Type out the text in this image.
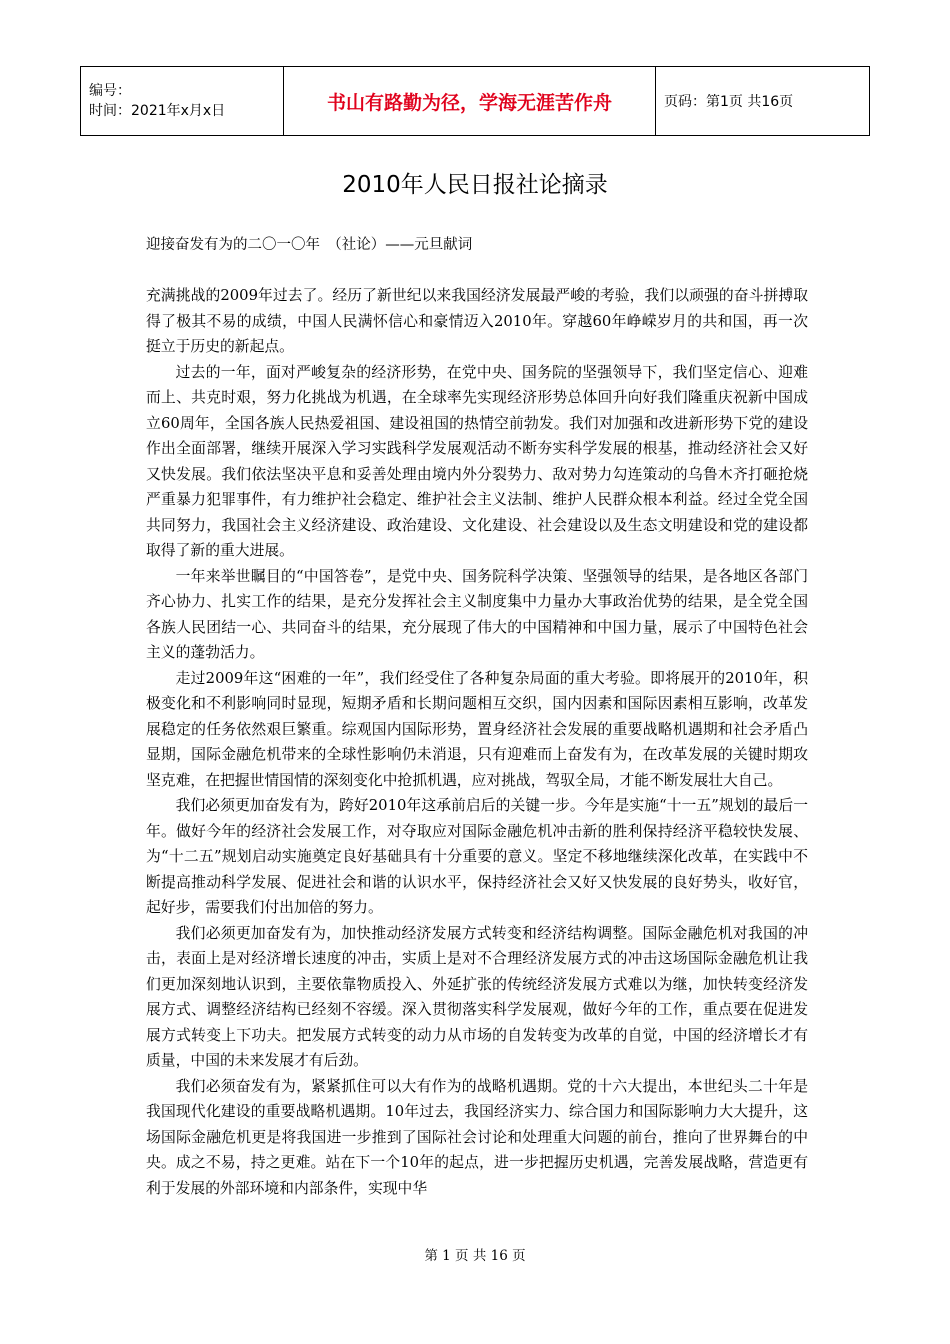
编号：
时间：2021年x月x日	书山有路勤为径，学海无涯苦作舟	页码：第1页 共16页
2010年人民日报社论摘录
迎接奋发有为的二〇一〇年　（社论）——元旦献词

充满挑战的2009年过去了。经历了新世纪以来我国经济发展最严峻的考验，我们以顽强的奋斗拼搏取得了极其不易的成绩，中国人民满怀信心和豪情迈入2010年。穿越60年峥嵘岁月的共和国，再一次挺立于历史的新起点。

过去的一年，面对严峻复杂的经济形势，在党中央、国务院的坚强领导下，我们坚定信心、迎难而上、共克时艰，努力化挑战为机遇，在全球率先实现经济形势总体回升向好我们隆重庆祝新中国成立60周年，全国各族人民热爱祖国、建设祖国的热情空前勃发。我们对加强和改进新形势下党的建设作出全面部署，继续开展深入学习实践科学发展观活动不断夯实科学发展的根基，推动经济社会又好又快发展。我们依法坚决平息和妥善处理由境内外分裂势力、敌对势力勾连策动的乌鲁木齐打砸抢烧严重暴力犯罪事件，有力维护社会稳定、维护社会主义法制、维护人民群众根本利益。经过全党全国共同努力，我国社会主义经济建设、政治建设、文化建设、社会建设以及生态文明建设和党的建设都取得了新的重大进展。

一年来举世瞩目的“中国答卷”，是党中央、国务院科学决策、坚强领导的结果，是各地区各部门齐心协力、扎实工作的结果，是充分发挥社会主义制度集中力量办大事政治优势的结果，是全党全国各族人民团结一心、共同奋斗的结果，充分展现了伟大的中国精神和中国力量，展示了中国特色社会主义的蓬勃活力。

走过2009年这“困难的一年”，我们经受住了各种复杂局面的重大考验。即将展开的2010年，积极变化和不利影响同时显现，短期矛盾和长期问题相互交织，国内因素和国际因素相互影响，改革发展稳定的任务依然艰巨繁重。综观国内国际形势，置身经济社会发展的重要战略机遇期和社会矛盾凸显期，国际金融危机带来的全球性影响仍未消退，只有迎难而上奋发有为，在改革发展的关键时期攻坚克难，在把握世情国情的深刻变化中抢抓机遇，应对挑战，驾驭全局，才能不断发展壮大自己。

我们必须更加奋发有为，跨好2010年这承前启后的关键一步。今年是实施“十一五”规划的最后一年。做好今年的经济社会发展工作，对夺取应对国际金融危机冲击新的胜利保持经济平稳较快发展、为“十二五”规划启动实施奠定良好基础具有十分重要的意义。坚定不移地继续深化改革，在实践中不断提高推动科学发展、促进社会和谐的认识水平，保持经济社会又好又快发展的良好势头，收好官，起好步，需要我们付出加倍的努力。

我们必须更加奋发有为，加快推动经济发展方式转变和经济结构调整。国际金融危机对我国的冲击，表面上是对经济增长速度的冲击，实质上是对不合理经济发展方式的冲击这场国际金融危机让我们更加深刻地认识到，主要依靠物质投入、外延扩张的传统经济发展方式难以为继，加快转变经济发展方式、调整经济结构已经刻不容缓。深入贯彻落实科学发展观，做好今年的工作，重点要在促进发展方式转变上下功夫。把发展方式转变的动力从市场的自发转变为改革的自觉，中国的经济增长才有质量，中国的未来发展才有后劲。

我们必须奋发有为，紧紧抓住可以大有作为的战略机遇期。党的十六大提出，本世纪头二十年是我国现代化建设的重要战略机遇期。10年过去，我国经济实力、综合国力和国际影响力大大提升，这场国际金融危机更是将我国进一步推到了国际社会讨论和处理重大问题的前台，推向了世界舞台的中央。成之不易，持之更难。站在下一个10年的起点，进一步把握历史机遇，完善发展战略，营造更有利于发展的外部环境和内部条件，实现中华

第 1 页 共 16 页
